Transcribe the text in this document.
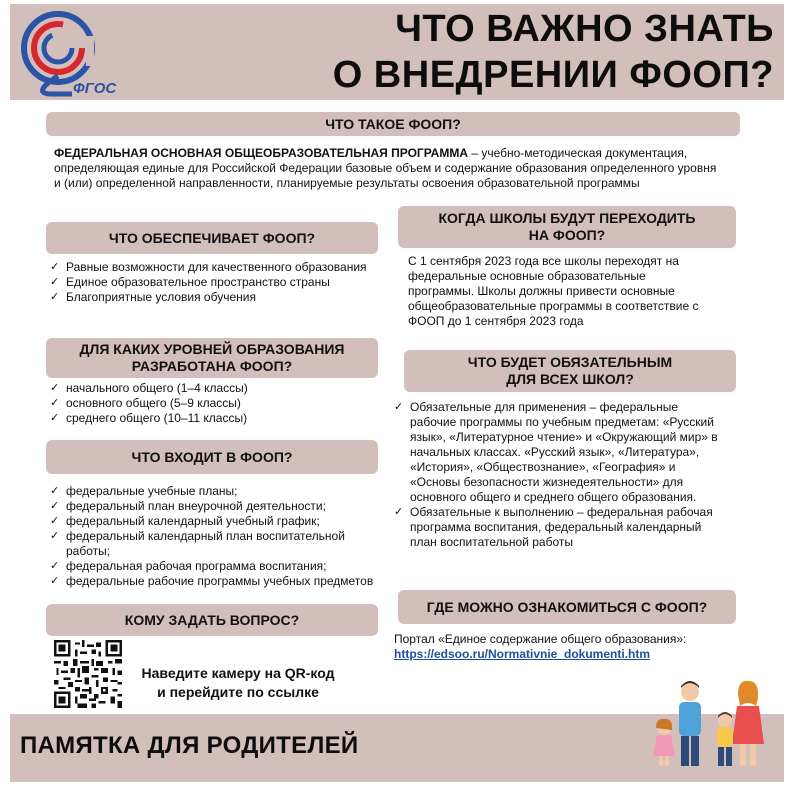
ФГОС
ЧТО ВАЖНО ЗНАТЬ
О ВНЕДРЕНИИ ФООП?
ЧТО ТАКОЕ ФООП?
ФЕДЕРАЛЬНАЯ ОСНОВНАЯ ОБЩЕОБРАЗОВАТЕЛЬНАЯ ПРОГРАММА – учебно-методическая документация, определяющая единые для Российской Федерации базовые объем и содержание образования определенного уровня и (или) определенной направленности, планируемые результаты освоения образовательной программы
ЧТО ОБЕСПЕЧИВАЕТ ФООП?
✓ Равные возможности для качественного образования
✓ Единое образовательное пространство страны
✓ Благоприятные условия обучения
ДЛЯ КАКИХ УРОВНЕЙ ОБРАЗОВАНИЯ
РАЗРАБОТАНА ФООП?
✓ начального общего (1–4 классы)
✓ основного общего (5–9 классы)
✓ среднего общего (10–11 классы)
ЧТО ВХОДИТ В ФООП?
✓ федеральные учебные планы;
✓ федеральный план внеурочной деятельности;
✓ федеральный календарный учебный график;
✓ федеральный календарный план воспитательной работы;
✓ федеральная рабочая программа воспитания;
✓ федеральные рабочие программы учебных предметов
КОМУ ЗАДАТЬ ВОПРОС?
Наведите камеру на QR-код
и перейдите по ссылке
КОГДА ШКОЛЫ БУДУТ ПЕРЕХОДИТЬ
НА ФООП?
С 1 сентября 2023 года все школы переходят на федеральные основные образовательные программы. Школы должны привести основные общеобразовательные программы в соответствие с ФООП до 1 сентября 2023 года
ЧТО БУДЕТ ОБЯЗАТЕЛЬНЫМ
ДЛЯ ВСЕХ ШКОЛ?
✓ Обязательные для применения – федеральные рабочие программы по учебным предметам: «Русский язык», «Литературное чтение» и «Окружающий мир» в начальных классах. «Русский язык», «Литература», «История», «Обществознание», «География» и «Основы безопасности жизнедеятельности» для основного общего и среднего общего образования.
✓ Обязательные к выполнению – федеральная рабочая программа воспитания, федеральный календарный план воспитательной работы
ГДЕ МОЖНО ОЗНАКОМИТЬСЯ С ФООП?
Портал «Единое содержание общего образования»:
https://edsoo.ru/Normativnie_dokumenti.htm
ПАМЯТКА ДЛЯ РОДИТЕЛЕЙ
